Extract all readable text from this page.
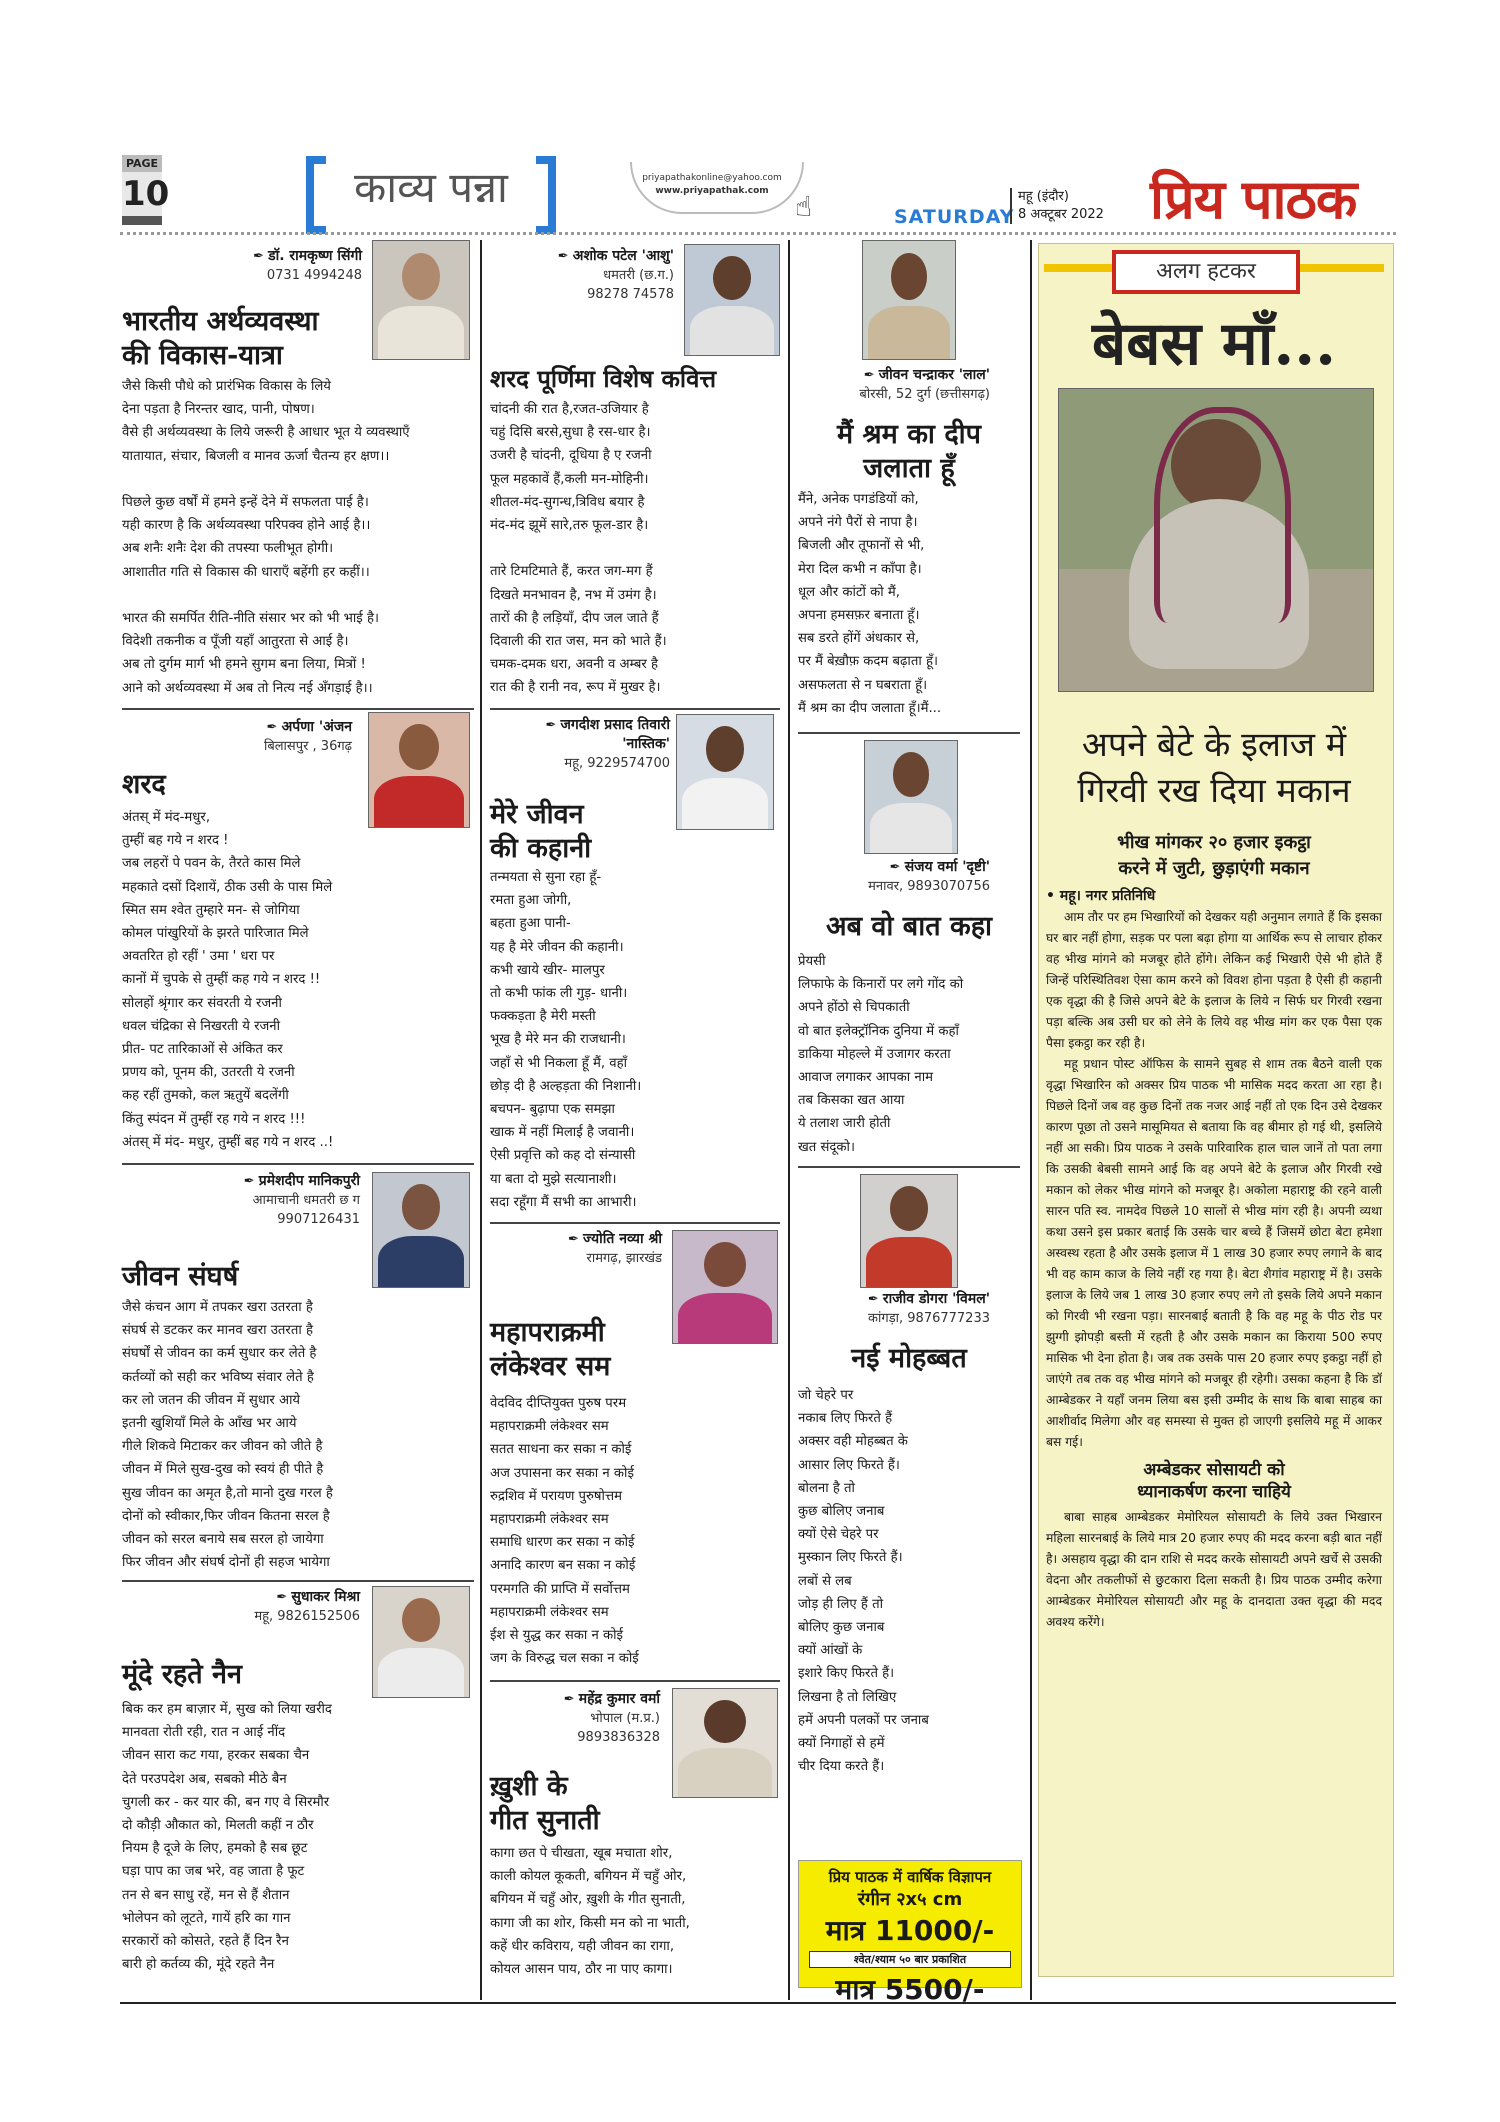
PAGE
10	काव्य पन्ना	priyapathakonline@yahoo.com
www.priyapathak.com ☝	SATURDAY
महू (इंदौर)
8 अक्टूबर 2022 प्रिय पाठक
✒ डॉ. रामकृष्ण सिंगी
0731 4994248
भारतीय अर्थव्यवस्था
की विकास-यात्रा
जैसे किसी पौधे को प्रारंभिक विकास के लिये
देना पड़ता है निरन्तर खाद, पानी, पोषण।
वैसे ही अर्थव्यवस्था के लिये जरूरी है आधार भूत ये व्यवस्थाएँ
यातायात, संचार, बिजली व मानव ऊर्जा चैतन्य हर क्षण।।

पिछले कुछ वर्षों में हमने इन्हें देने में सफलता पाई है।
यही कारण है कि अर्थव्यवस्था परिपक्व होने आई है।।
अब शनैः शनैः देश की तपस्या फलीभूत होगी।
आशातीत गति से विकास की धाराएँ बहेंगी हर कहीं।।

भारत की समर्पित रीति-नीति संसार भर को भी भाई है।
विदेशी तकनीक व पूँजी यहाँ आतुरता से आई है।
अब तो दुर्गम मार्ग भी हमने सुगम बना लिया, मित्रों !
आने को अर्थव्यवस्था में अब तो नित्य नई अँगड़ाई है।।
✒ अर्पणा 'अंजन
बिलासपुर , 36गढ़
शरद
अंतस् में मंद-मधुर,
तुम्हीं बह गये न शरद !
जब लहरों पे पवन के, तैरते कास मिले
महकाते दसों दिशायें, ठीक उसी के पास मिले
स्मित सम श्वेत तुम्हारे मन- से जोगिया
कोमल पांखुरियों के झरते पारिजात मिले
अवतरित हो रहीं ' उमा ' धरा पर
कानों में चुपके से तुम्हीं कह गये न शरद !!
सोलहों श्रृंगार कर संवरती ये रजनी
धवल चंद्रिका से निखरती ये रजनी
प्रीत- पट तारिकाओं से अंकित कर
प्रणय को, पूनम की, उतरती ये रजनी
कह रहीं तुमको, कल ऋतुयें बदलेंगी
किंतु स्पंदन में तुम्हीं रह गये न शरद !!!
अंतस् में मंद- मधुर, तुम्हीं बह गये न शरद ..!
✒ प्रमेशदीप मानिकपुरी
आमाचानी धमतरी छ ग
9907126431
जीवन संघर्ष
जैसे कंचन आग में तपकर खरा उतरता है
संघर्ष से डटकर कर मानव खरा उतरता है
संघर्षों से जीवन का कर्म सुधार कर लेते है
कर्तव्यों को सही कर भविष्य संवार लेते है
कर लो जतन की जीवन में सुधार आये
इतनी खुशियाँ मिले के आँख भर आये
गीले शिकवे मिटाकर कर जीवन को जीते है
जीवन में मिले सुख-दुख को स्वयं ही पीते है
सुख जीवन का अमृत है,तो मानो दुख गरल है
दोनों को स्वीकार,फिर जीवन कितना सरल है
जीवन को सरल बनाये सब सरल हो जायेगा
फिर जीवन और संघर्ष दोनों ही सहज भायेगा
✒ सुधाकर मिश्रा
महू, 9826152506
मूंदे रहते नैन
बिक कर हम बाज़ार में, सुख को लिया खरीद
मानवता रोती रही, रात न आई नींद
जीवन सारा कट गया, हरकर सबका चैन
देते परउपदेश अब, सबको मीठे बैन
चुगली कर - कर यार की, बन गए वे सिरमौर
दो कौड़ी औकात को, मिलती कहीं न ठौर
नियम है दूजे के लिए, हमको है सब छूट
घड़ा पाप का जब भरे, वह जाता है फूट
तन से बन साधु रहें, मन से हैं शैतान
भोलेपन को लूटते, गायें हरि का गान
सरकारों को कोसते, रहते हैं दिन रैन
बारी हो कर्तव्य की, मूंदे रहते नैन
✒ अशोक पटेल 'आशु'
धमतरी (छ.ग.)
98278 74578
शरद पूर्णिमा विशेष कवित्त
चांदनी की रात है,रजत-उजियार है
चहुं दिसि बरसे,सुधा है रस-धार है।
उजरी है चांदनी, दूधिया है ए रजनी
फूल महकावें हैं,कली मन-मोहिनी।
शीतल-मंद-सुगन्ध,त्रिविध बयार है
मंद-मंद झूमें सारे,तरु फूल-डार है।

तारे टिमटिमाते हैं, करत जग-मग हैं
दिखते मनभावन है, नभ में उमंग है।
तारों की है लड़ियाँ, दीप जल जाते हैं
दिवाली की रात जस, मन को भाते हैं।
चमक-दमक धरा, अवनी व अम्बर है
रात की है रानी नव, रूप में मुखर है।
✒ जगदीश प्रसाद तिवारी
'नास्तिक'
महू, 9229574700
मेरे जीवन
की कहानी
तन्मयता से सुना रहा हूँ-
रमता हुआ जोगी,
बहता हुआ पानी-
यह है मेरे जीवन की कहानी।
कभी खाये खीर- मालपुर
तो कभी फांक ली गुड़- धानी।
फक्कड़ता है मेरी मस्ती
भूख है मेरे मन की राजधानी।
जहाँ से भी निकला हूँ मैं, वहाँ
छोड़ दी है अल्हड़ता की निशानी।
बचपन- बुढ़ापा एक समझा
खाक में नहीं मिलाई है जवानी।
ऐसी प्रवृत्ति को कह दो संन्यासी
या बता दो मुझे सत्यानाशी।
सदा रहूँगा मैं सभी का आभारी।
✒ ज्योति नव्या श्री
रामगढ़, झारखंड
महापराक्रमी
लंकेश्वर सम
वेदविद दीप्तियुक्त पुरुष परम
महापराक्रमी लंकेश्वर सम
सतत साधना कर सका न कोई
अज उपासना कर सका न कोई
रुद्रशिव में परायण पुरुषोत्तम
महापराक्रमी लंकेश्वर सम
समाधि धारण कर सका न कोई
अनादि कारण बन सका न कोई
परमगति की प्राप्ति में सर्वोत्तम
महापराक्रमी लंकेश्वर सम
ईश से युद्ध कर सका न कोई
जग के विरुद्ध चल सका न कोई
✒ महेंद्र कुमार वर्मा
भोपाल (म.प्र.)
9893836328
ख़ुशी के
गीत सुनाती
कागा छत पे चीखता, खूब मचाता शोर,
काली कोयल कूकती, बगियन में चहुँ ओर,
बगियन में चहुँ ओर, ख़ुशी के गीत सुनाती,
कागा जी का शोर, किसी मन को ना भाती,
कहें धीर कविराय, यही जीवन का रागा,
कोयल आसन पाय, ठौर ना पाए कागा।
✒ जीवन चन्द्राकर 'लाल'
बोरसी, 52 दुर्ग (छत्तीसगढ़)
मैं श्रम का दीप
जलाता हूँ
मैंने, अनेक पगडंडियों को,
अपने नंगे पैरों से नापा है।
बिजली और तूफानों से भी,
मेरा दिल कभी न काँपा है।
धूल और कांटों को मैं,
अपना हमसफ़र बनाता हूँ।
सब डरते होंगें अंधकार से,
पर मैं बेख़ौफ़ कदम बढ़ाता हूँ।
असफलता से न घबराता हूँ।
मैं श्रम का दीप जलाता हूँ।मैं...
✒ संजय वर्मा 'दृष्टी'
मनावर, 9893070756
अब वो बात कहा
प्रेयसी
लिफाफे के किनारों पर लगे गोंद को
अपने होंठो से चिपकाती
वो बात इलेक्ट्रॉनिक दुनिया में कहाँ
डाकिया मोहल्ले में उजागर करता
आवाज लगाकर आपका नाम
तब किसका खत आया
ये तलाश जारी होती
खत संदूको।
✒ राजीव डोगरा 'विमल'
कांगड़ा, 9876777233
नई मोहब्बत
जो चेहरे पर
नकाब लिए फिरते हैं
अक्सर वही मोहब्बत के
आसार लिए फिरते हैं।
बोलना है तो
कुछ बोलिए जनाब
क्यों ऐसे चेहरे पर
मुस्कान लिए फिरते हैं।
लबों से लब
जोड़ ही लिए हैं तो
बोलिए कुछ जनाब
क्यों आंखों के
इशारे किए फिरते हैं।
लिखना है तो लिखिए
हमें अपनी पलकों पर जनाब
क्यों निगाहों से हमें
चीर दिया करते हैं।
प्रिय पाठक में वार्षिक विज्ञापन
रंगीन २x५ cm
मात्र 11000/-
श्वेत/श्याम ५० बार प्रकाशित
मात्र 5500/-
अलग हटकर
बेबस माँ...
अपने बेटे के इलाज में
गिरवी रख दिया मकान
भीख मांगकर २० हजार इकट्ठा
करने में जुटी, छुड़ाएंगी मकान
• महू। नगर प्रतिनिधि

आम तौर पर हम भिखारियों को देखकर यही अनुमान लगाते हैं कि इसका घर बार नहीं होगा, सड़क पर पला बढ़ा होगा या आर्थिक रूप से लाचार होकर वह भीख मांगने को मजबूर होते होंगे। लेकिन कई भिखारी ऐसे भी होते हैं जिन्हें परिस्थितिवश ऐसा काम करने को विवश होना पड़ता है ऐसी ही कहानी एक वृद्धा की है जिसे अपने बेटे के इलाज के लिये न सिर्फ घर गिरवी रखना पड़ा बल्कि अब उसी घर को लेने के लिये वह भीख मांग कर एक पैसा एक पैसा इकट्ठा कर रही है।

महू प्रधान पोस्ट ऑफिस के सामने सुबह से शाम तक बैठने वाली एक वृद्धा भिखारिन को अक्सर प्रिय पाठक भी मासिक मदद करता आ रहा है। पिछले दिनों जब वह कुछ दिनों तक नजर आई नहीं तो एक दिन उसे देखकर कारण पूछा तो उसने मासूमियत से बताया कि वह बीमार हो गई थी, इसलिये नहीं आ सकी। प्रिय पाठक ने उसके पारिवारिक हाल चाल जानें तो पता लगा कि उसकी बेबसी सामने आई कि वह अपने बेटे के इलाज और गिरवी रखे मकान को लेकर भीख मांगने को मजबूर है। अकोला महाराष्ट्र की रहने वाली सारन पति स्व. नामदेव पिछले 10 सालों से भीख मांग रही है। अपनी व्यथा कथा उसने इस प्रकार बताई कि उसके चार बच्चे हैं जिसमें छोटा बेटा हमेशा अस्वस्थ रहता है और उसके इलाज में 1 लाख 30 हजार रुपए लगाने के बाद भी वह काम काज के लिये नहीं रह गया है। बेटा शैगांव महाराष्ट्र में है। उसके इलाज के लिये जब 1 लाख 30 हजार रुपए लगे तो इसके लिये अपने मकान को गिरवी भी रखना पड़ा। सारनबाई बताती है कि वह महू के पीठ रोड पर झुग्गी झोपड़ी बस्ती में रहती है और उसके मकान का किराया 500 रुपए मासिक भी देना होता है। जब तक उसके पास 20 हजार रुपए इकट्ठा नहीं हो जाएंगे तब तक वह भीख मांगने को मजबूर ही रहेगी। उसका कहना है कि डॉ आम्बेडकर ने यहाँ जनम लिया बस इसी उम्मीद के साथ कि बाबा साहब का आशीर्वाद मिलेगा और वह समस्या से मुक्त हो जाएगी इसलिये महू में आकर बस गई।

अम्बेडकर सोसायटी को
ध्यानाकर्षण करना चाहिये

बाबा साहब आम्बेडकर मेमोरियल सोसायटी के लिये उक्त भिखारन महिला सारनबाई के लिये मात्र 20 हजार रुपए की मदद करना बड़ी बात नहीं है। असहाय वृद्धा की दान राशि से मदद करके सोसायटी अपने खर्चे से उसकी वेदना और तकलीफों से छुटकारा दिला सकती है। प्रिय पाठक उम्मीद करेगा आम्बेडकर मेमोरियल सोसायटी और महू के दानदाता उक्त वृद्धा की मदद अवश्य करेंगे।
